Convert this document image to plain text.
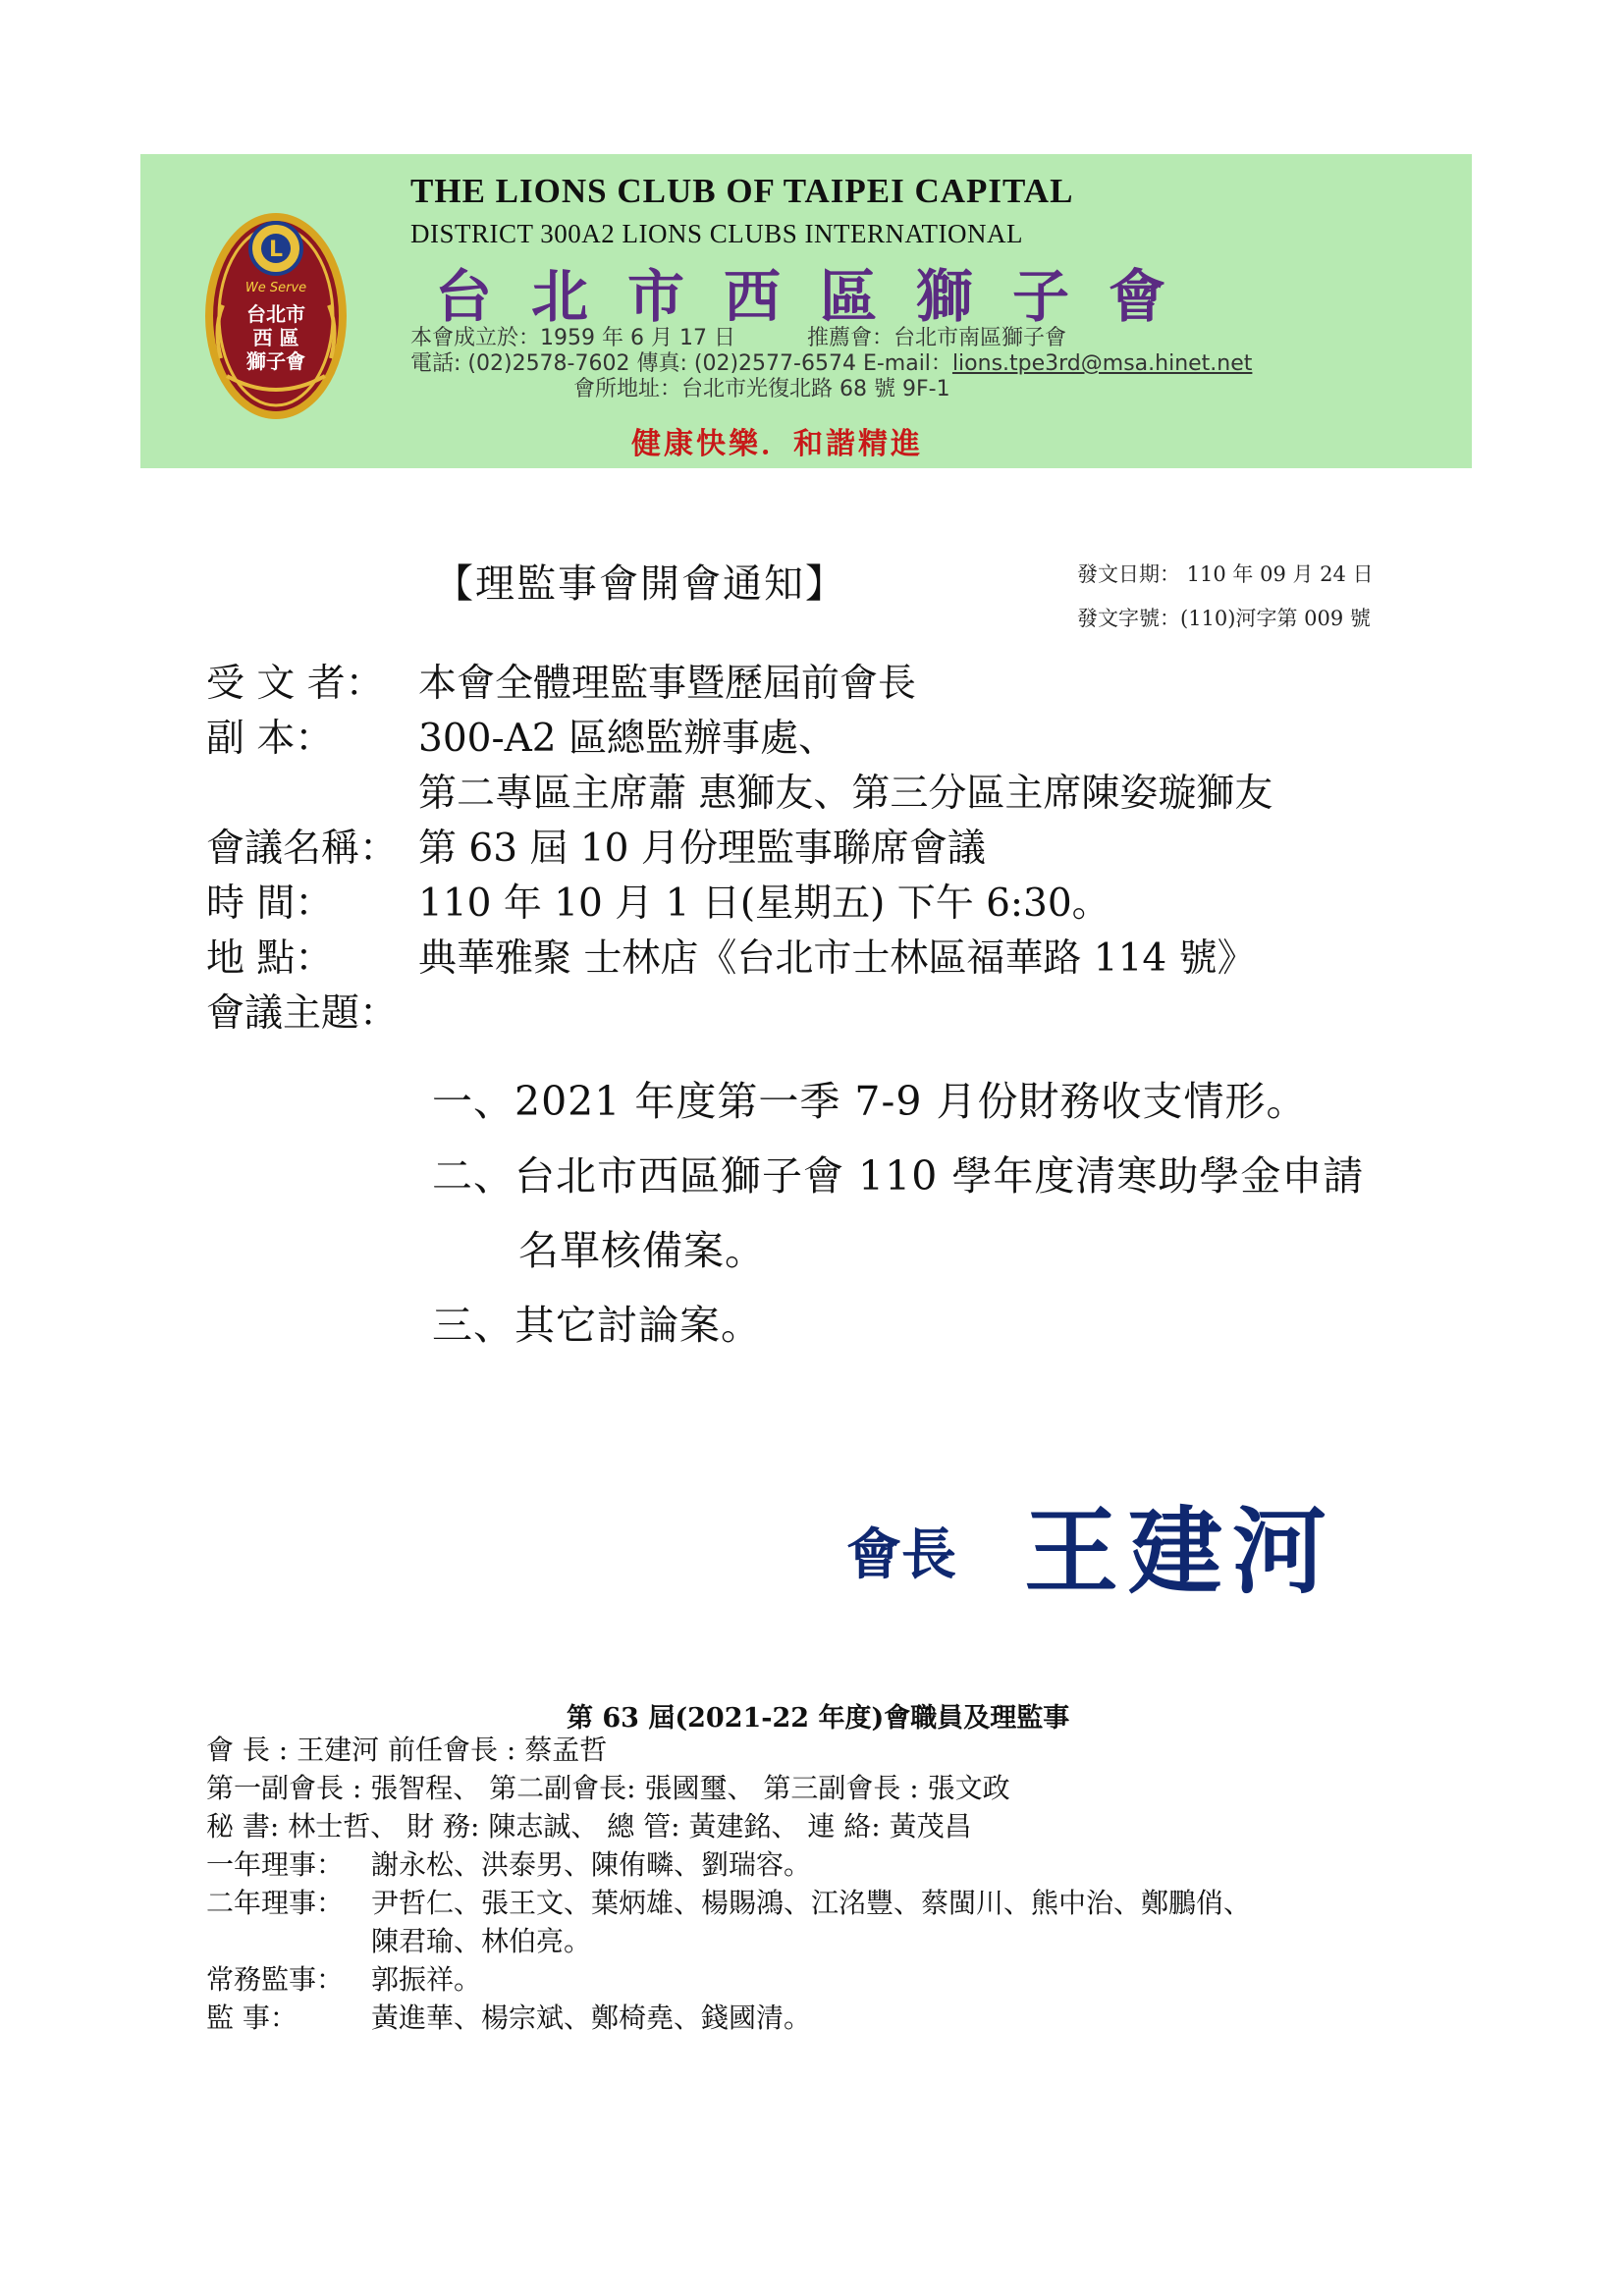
L
We Serve
台北市
西 區
獅子會
THE LIONS CLUB OF TAIPEI CAPITAL
DISTRICT 300A2 LIONS CLUBS INTERNATIONAL
台北市西區獅子會
本會成立於：1959 年 6 月 17 日	推薦會：台北市南區獅子會
電話: (02)2578-7602 傳真: (02)2577-6574 E-mail：lions.tpe3rd@msa.hinet.net
會所地址：台北市光復北路 68 號 9F-1
健康快樂．和諧精進
【理監事會開會通知】	發文日期： 110 年 09 月 24 日
發文字號：(110)河字第 009 號
受 文 者： 本會全體理監事暨歷屆前會長
副 本： 300-A2 區總監辦事處、
第二專區主席蕭 惠獅友、第三分區主席陳姿璇獅友
會議名稱： 第 63 屆 10 月份理監事聯席會議
時 間： 110 年 10 月 1 日(星期五) 下午 6:30。
地 點： 典華雅聚 士林店《台北市士林區福華路 114 號》
會議主題：
一、2021 年度第一季 7-9 月份財務收支情形。
二、台北市西區獅子會 110 學年度清寒助學金申請
名單核備案。
三、其它討論案。
會長 王建河
第 63 屆(2021-22 年度)會職員及理監事
會 長 : 王建河 前任會長 : 蔡孟哲
第一副會長 : 張智程、 第二副會長: 張國璽、 第三副會長 : 張文政
秘 書: 林士哲、 財 務: 陳志誠、 總 管: 黃建銘、 連 絡: 黃茂昌
一年理事： 謝永松、洪泰男、陳侑疄、劉瑞容。
二年理事： 尹哲仁、張王文、葉炳雄、楊賜鴻、江洺豐、蔡閩川、熊中治、鄭鵬俏、
陳君瑜、林伯亮。
常務監事： 郭振祥。
監 事：	黃進華、楊宗斌、鄭椅堯、錢國清。
